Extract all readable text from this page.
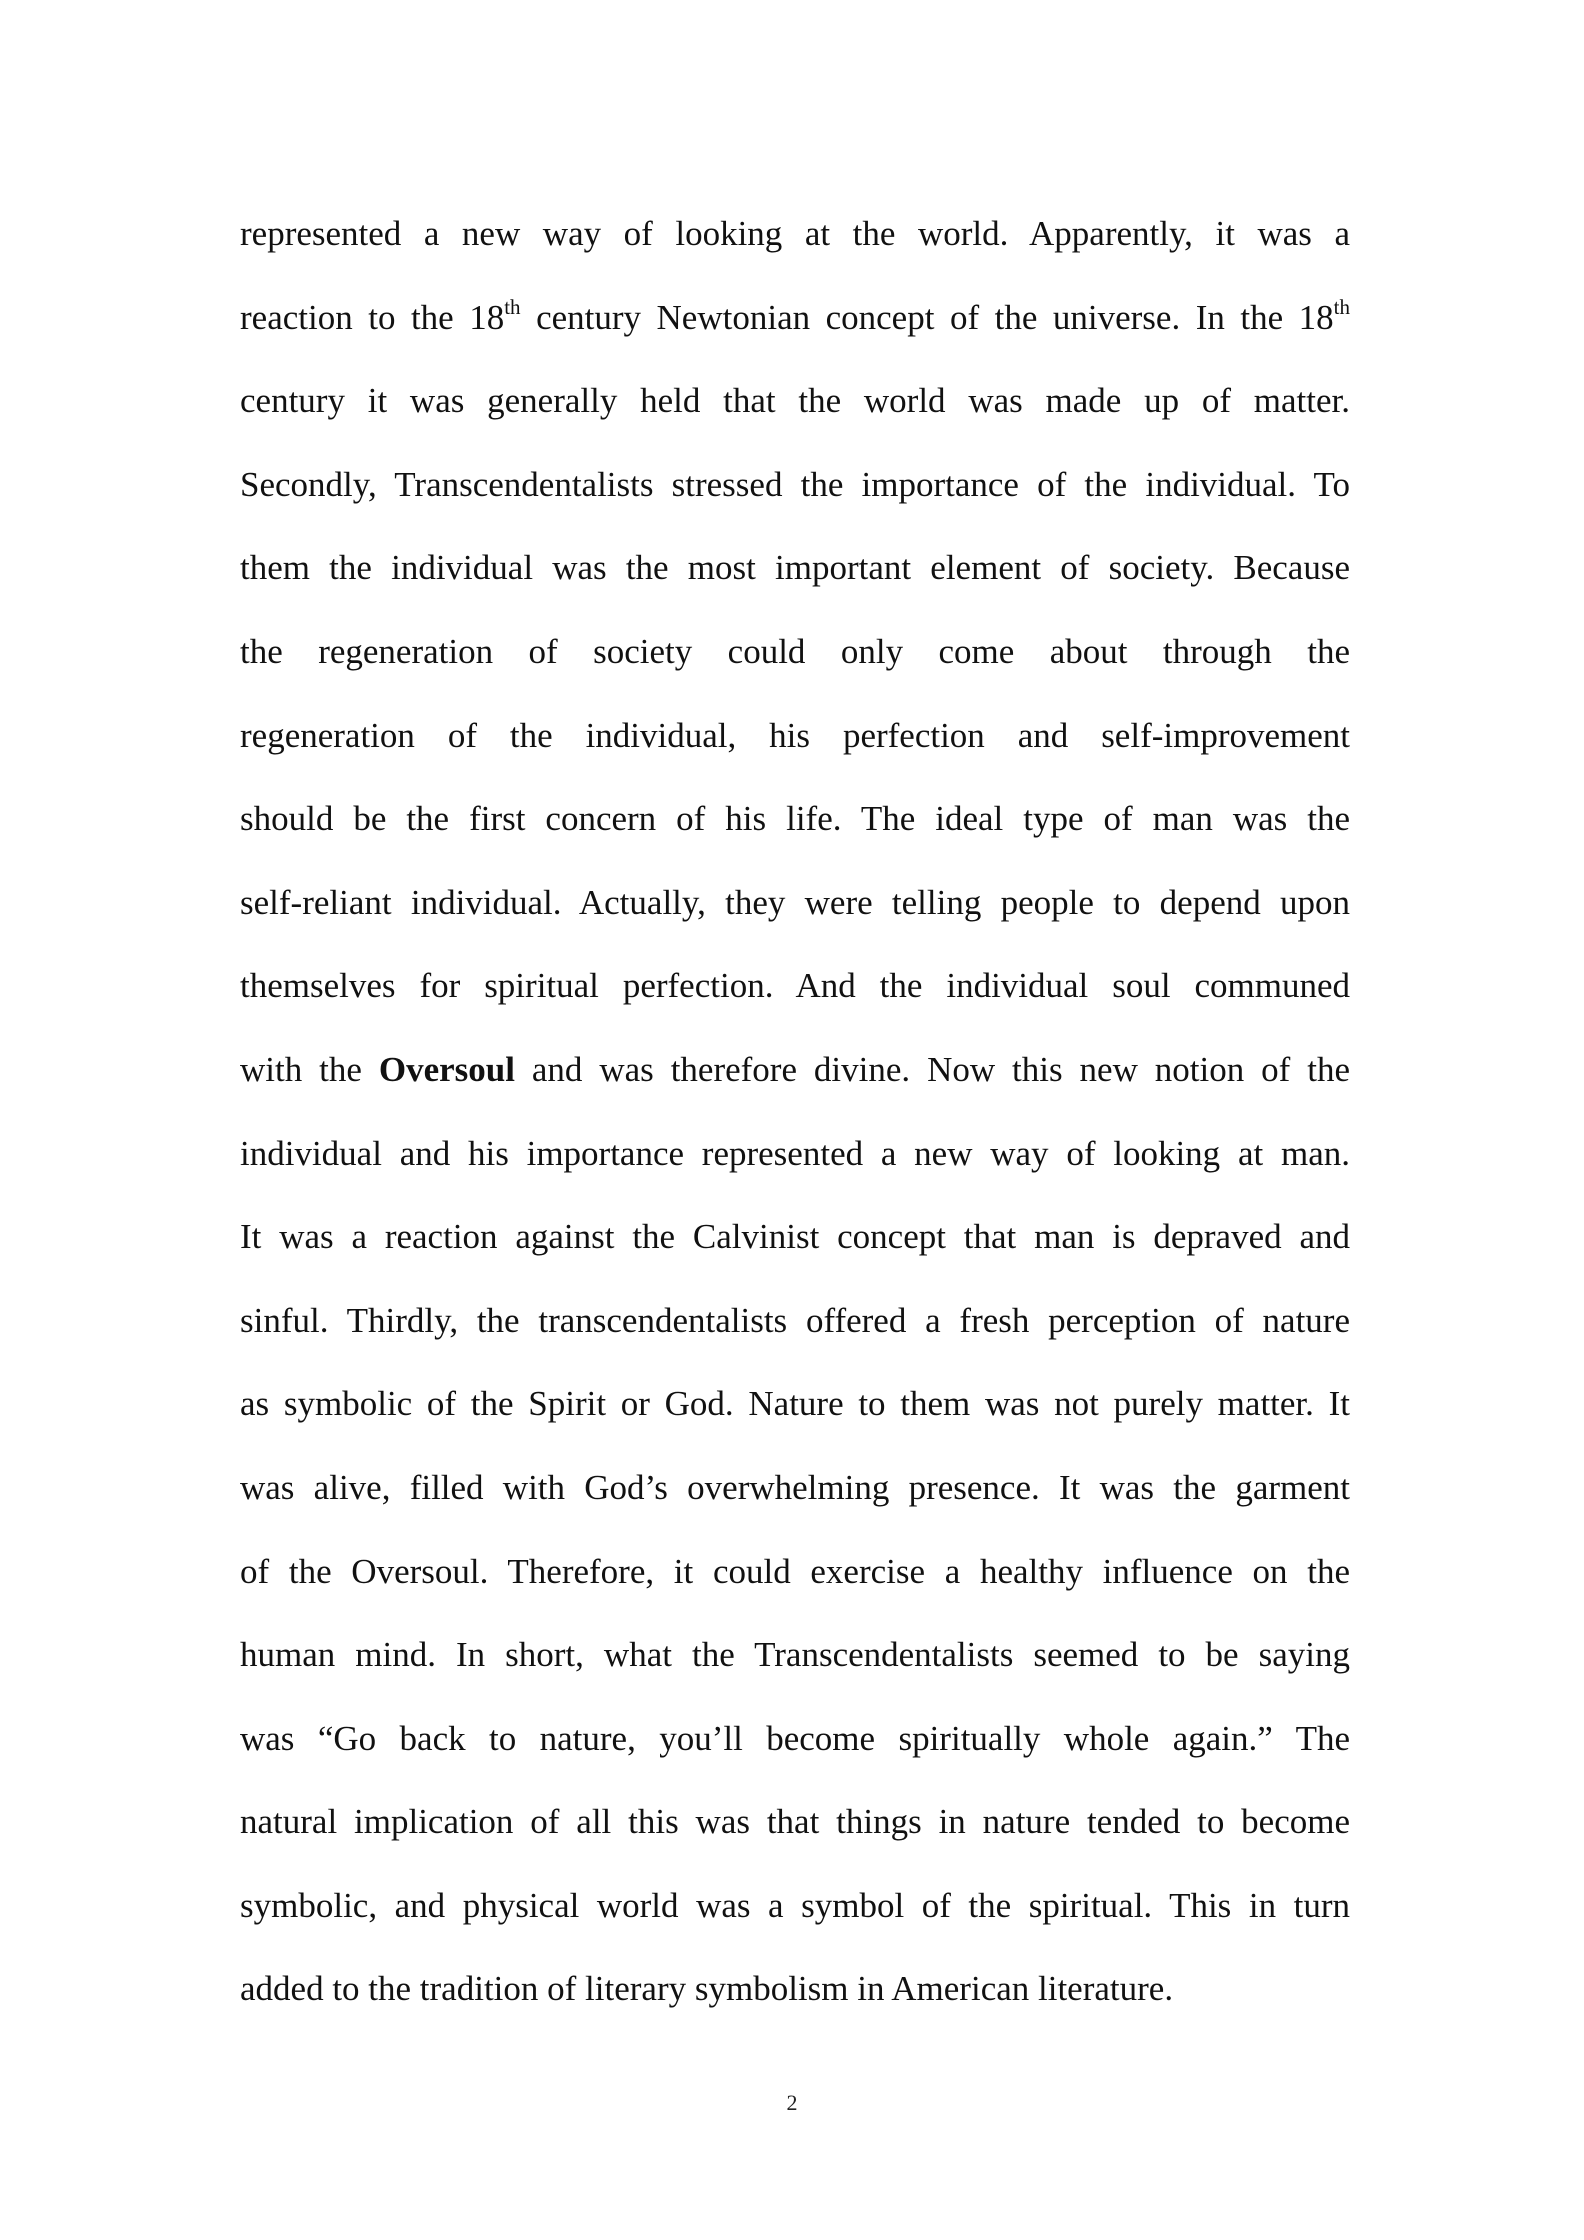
represented a new way of looking at the world. Apparently, it was a
reaction to the 18th century Newtonian concept of the universe. In the 18th
century it was generally held that the world was made up of matter.
Secondly, Transcendentalists stressed the importance of the individual. To
them the individual was the most important element of society. Because
the regeneration of society could only come about through the
regeneration of the individual, his perfection and self-improvement
should be the first concern of his life. The ideal type of man was the
self-reliant individual. Actually, they were telling people to depend upon
themselves for spiritual perfection. And the individual soul communed
with the Oversoul and was therefore divine. Now this new notion of the
individual and his importance represented a new way of looking at man.
It was a reaction against the Calvinist concept that man is depraved and
sinful. Thirdly, the transcendentalists offered a fresh perception of nature
as symbolic of the Spirit or God. Nature to them was not purely matter. It
was alive, filled with God’s overwhelming presence. It was the garment
of the Oversoul. Therefore, it could exercise a healthy influence on the
human mind. In short, what the Transcendentalists seemed to be saying
was “Go back to nature, you’ll become spiritually whole again.” The
natural implication of all this was that things in nature tended to become
symbolic, and physical world was a symbol of the spiritual. This in turn
added to the tradition of literary symbolism in American literature.
2
